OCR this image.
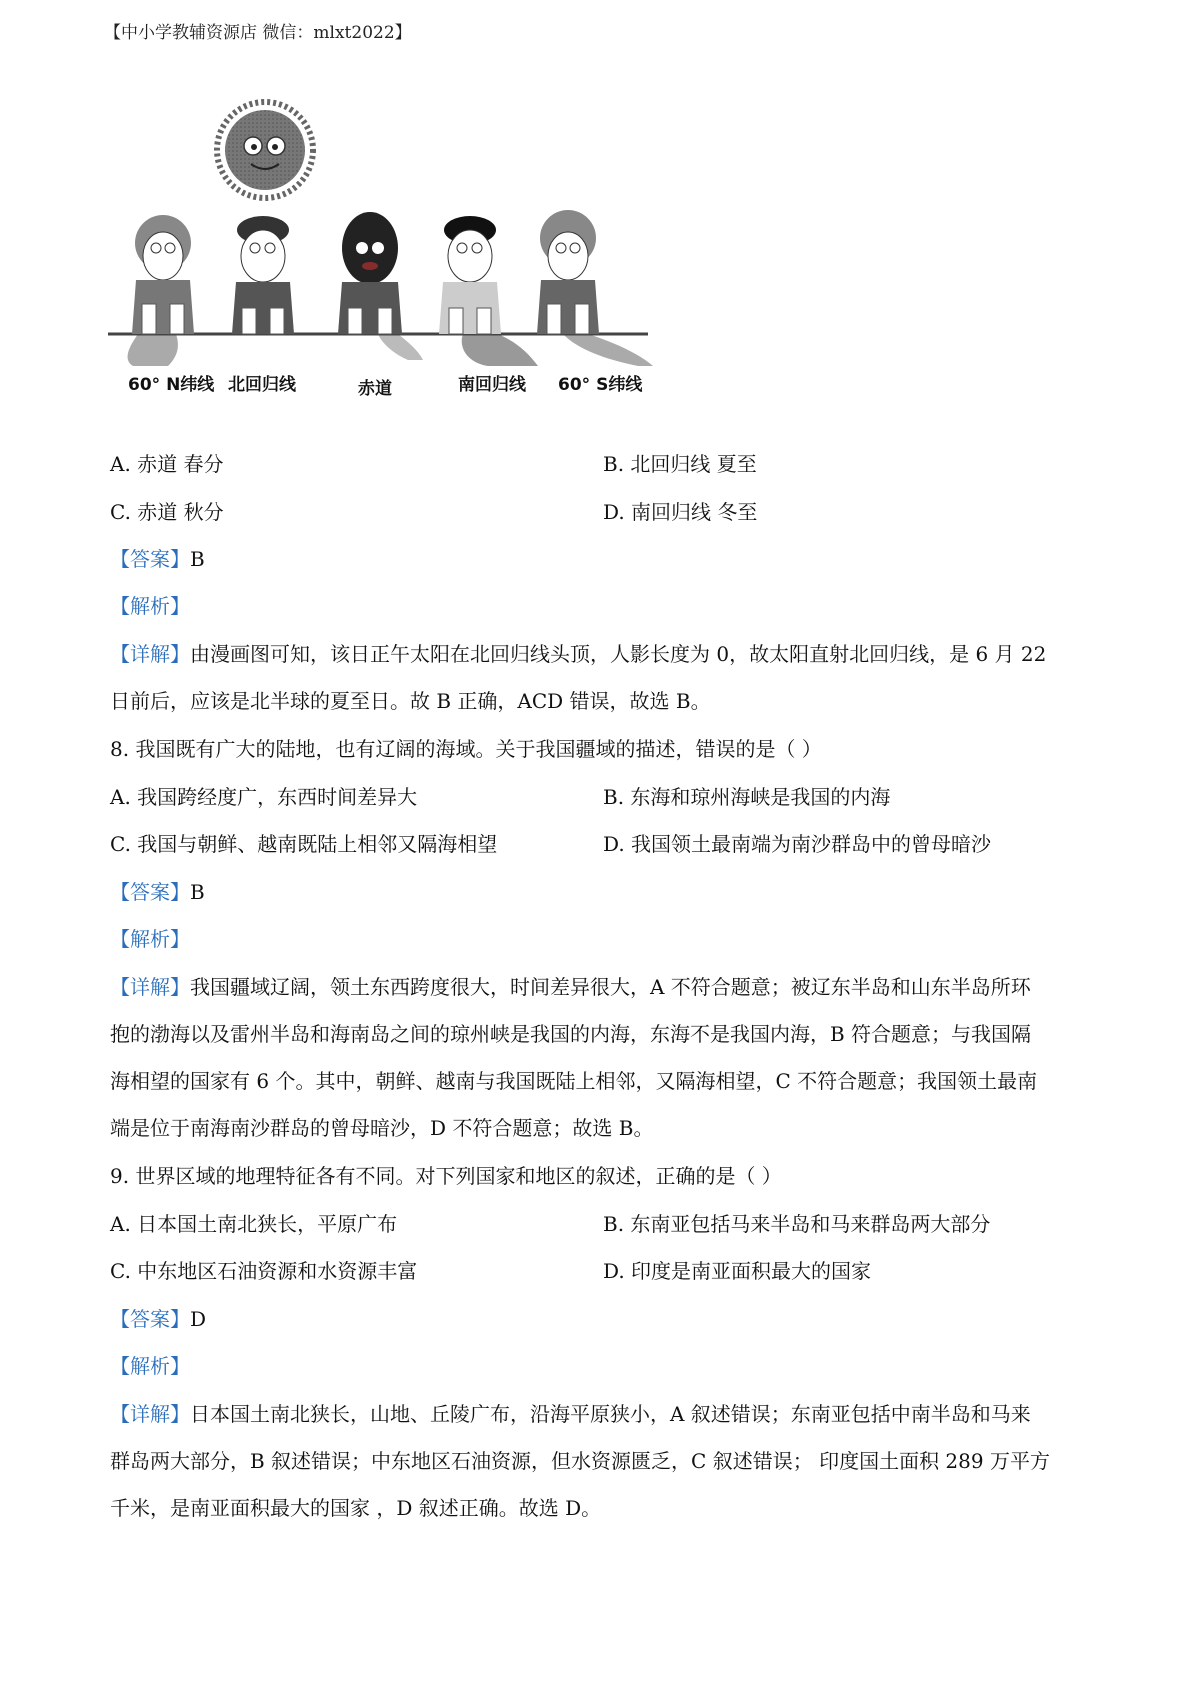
【中小学教辅资源店 微信：mlxt2022】
60° N纬线 北回归线	赤道	南回归线 60° S纬线
A. 赤道 春分	B. 北回归线 夏至
C. 赤道 秋分	D. 南回归线 冬至
【答案】B
【解析】
【详解】由漫画图可知，该日正午太阳在北回归线头顶，人影长度为 0，故太阳直射北回归线，是 6 月 22
日前后，应该是北半球的夏至日。故 B 正确，ACD 错误，故选 B。
8. 我国既有广大的陆地，也有辽阔的海域。关于我国疆域的描述，错误的是（ ）
A. 我国跨经度广，东西时间差异大	B. 东海和琼州海峡是我国的内海
C. 我国与朝鲜、越南既陆上相邻又隔海相望	D. 我国领土最南端为南沙群岛中的曾母暗沙
【答案】B
【解析】
【详解】我国疆域辽阔，领土东西跨度很大，时间差异很大，A 不符合题意；被辽东半岛和山东半岛所环
抱的渤海以及雷州半岛和海南岛之间的琼州峡是我国的内海，东海不是我国内海，B 符合题意；与我国隔
海相望的国家有 6 个。其中，朝鲜、越南与我国既陆上相邻，又隔海相望，C 不符合题意；我国领土最南
端是位于南海南沙群岛的曾母暗沙，D 不符合题意；故选 B。
9. 世界区域的地理特征各有不同。对下列国家和地区的叙述，正确的是（ ）
A. 日本国土南北狭长，平原广布	B. 东南亚包括马来半岛和马来群岛两大部分
C. 中东地区石油资源和水资源丰富	D. 印度是南亚面积最大的国家
【答案】D
【解析】
【详解】日本国土南北狭长，山地、丘陵广布，沿海平原狭小，A 叙述错误；东南亚包括中南半岛和马来
群岛两大部分，B 叙述错误；中东地区石油资源，但水资源匮乏，C 叙述错误； 印度国土面积 289 万平方
千米，是南亚面积最大的国家 ，D 叙述正确。故选 D。
